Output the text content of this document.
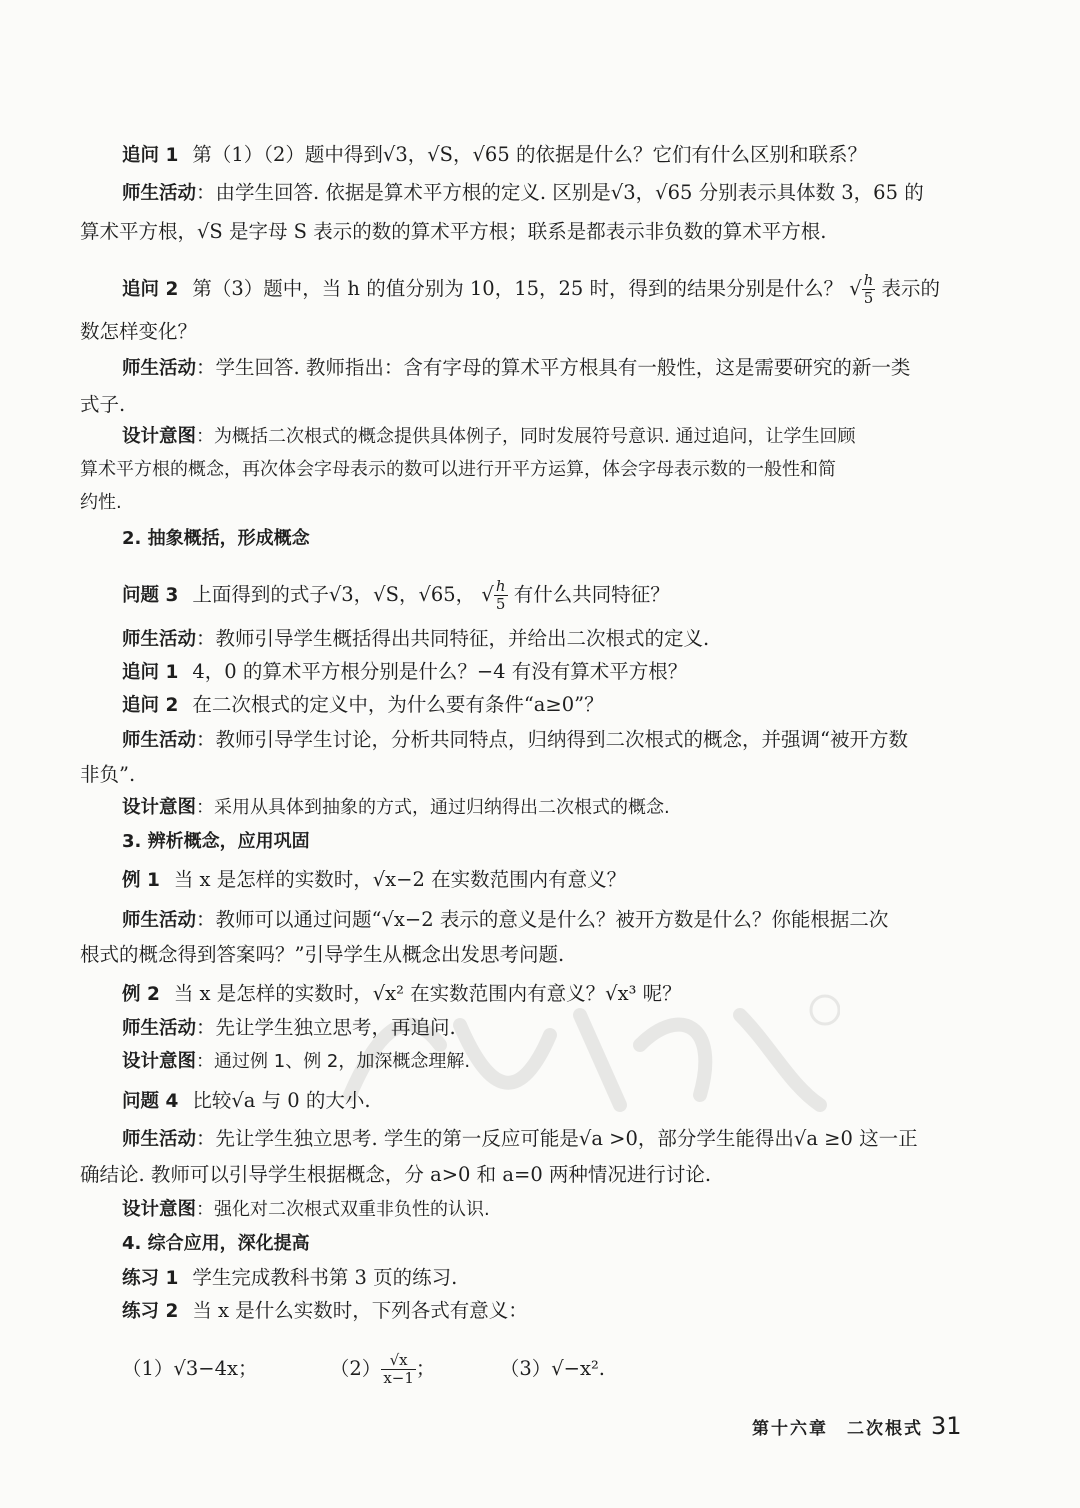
追问 1 第（1）（2）题中得到√3，√S，√65 的依据是什么？它们有什么区别和联系？
师生活动：由学生回答. 依据是算术平方根的定义. 区别是√3，√65 分别表示具体数 3，65 的
算术平方根，√S 是字母 S 表示的数的算术平方根；联系是都表示非负数的算术平方根.
追问 2 第（3）题中，当 h 的值分别为 10，15，25 时，得到的结果分别是什么？ √ $\frac{h}{5}$ 表示的
数怎样变化？
师生活动：学生回答. 教师指出：含有字母的算术平方根具有一般性，这是需要研究的新一类
式子.
设计意图：为概括二次根式的概念提供具体例子，同时发展符号意识. 通过追问，让学生回顾
算术平方根的概念，再次体会字母表示的数可以进行开平方运算，体会字母表示数的一般性和简
约性.
2. 抽象概括，形成概念
问题 3 上面得到的式子√3，√S，√65， √ $\frac{h}{5}$ 有什么共同特征？
师生活动：教师引导学生概括得出共同特征，并给出二次根式的定义.
追问 1 4，0 的算术平方根分别是什么？−4 有没有算术平方根？
追问 2 在二次根式的定义中，为什么要有条件“a≥0”？
师生活动：教师引导学生讨论，分析共同特点，归纳得到二次根式的概念，并强调“被开方数
非负”.
设计意图：采用从具体到抽象的方式，通过归纳得出二次根式的概念.
3. 辨析概念，应用巩固
例 1 当 x 是怎样的实数时，√x−2 在实数范围内有意义？
师生活动：教师可以通过问题“√x−2 表示的意义是什么？被开方数是什么？你能根据二次
根式的概念得到答案吗？”引导学生从概念出发思考问题.
例 2 当 x 是怎样的实数时，√x² 在实数范围内有意义？√x³ 呢？
师生活动：先让学生独立思考，再追问.
设计意图：通过例 1、例 2，加深概念理解.
问题 4 比较√a 与 0 的大小.
师生活动：先让学生独立思考. 学生的第一反应可能是√a >0，部分学生能得出√a ≥0 这一正
确结论. 教师可以引导学生根据概念，分 a>0 和 a=0 两种情况进行讨论.
设计意图：强化对二次根式双重非负性的认识.
4. 综合应用，深化提高
练习 1 学生完成教科书第 3 页的练习.
练习 2 当 x 是什么实数时，下列各式有意义：
（1）√3−4x；	$(2) \frac{√x}{x-1}$ ；	（3）√−x².
第十六章　二次根式 31
